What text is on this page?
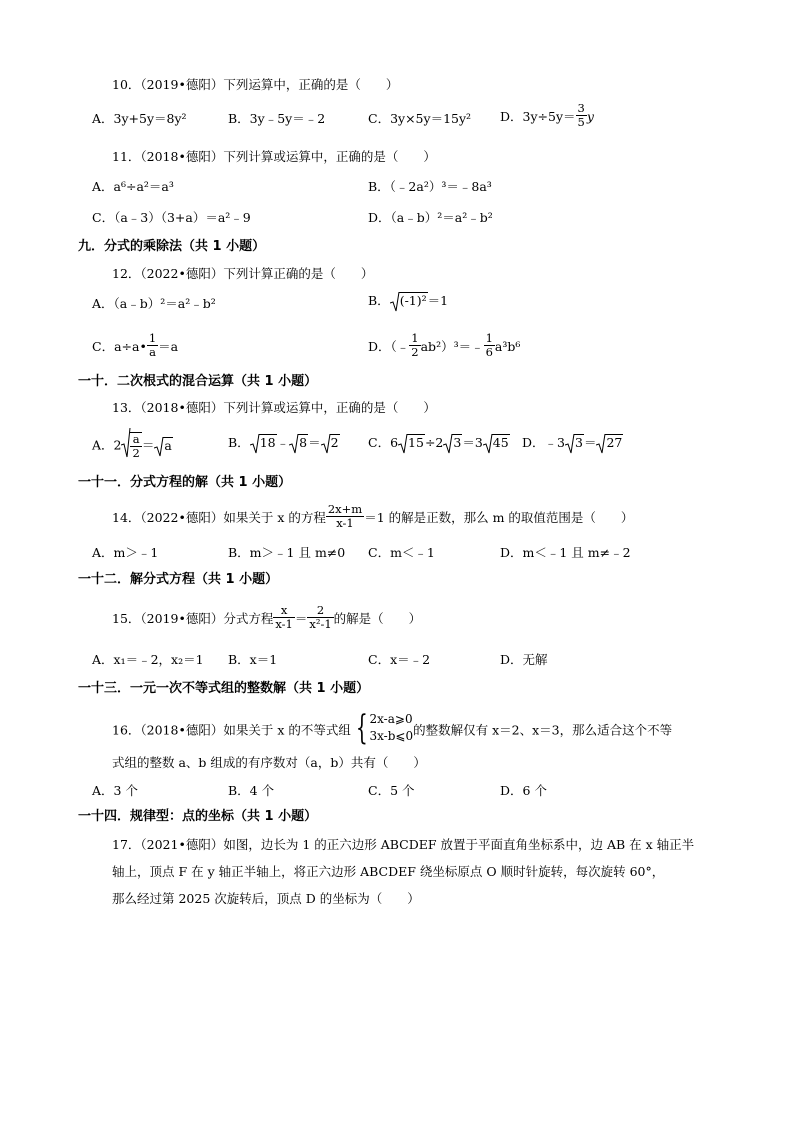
10．（2019•德阳）下列运算中，正确的是（　　）
A．3y+5y＝8y²	B．3y﹣5y＝﹣2	C．3y×5y＝15y² D．$3y\div 5y= \frac{3}{5}$ y
11．（2018•德阳）下列计算或运算中，正确的是（　　）
A．a⁶÷a²＝a³	B．（﹣2a²）³＝﹣8a³
C．（a﹣3）（3+a）＝a²﹣9	D．（a﹣b）²＝a²﹣b²
九．分式的乘除法（共 1 小题）
12．（2022•德阳）下列计算正确的是（　　）
A．（a﹣b）²＝a²﹣b²	B． (-1)²＝1
C．a÷a• $\frac{1}{a} =a$	D．（﹣ $\frac{1}{2}$ ab²）³＝﹣ $\frac{1}{6} a^3b^6$
一十．二次根式的混合运算（共 1 小题）
13．（2018•德阳）下列计算或运算中，正确的是（　　）
A．$2 \frac{a}{2} = a$	B． 18﹣ 8＝ 2 C．6 15÷2 3＝3 45 D．﹣3 3＝ 27
一十一．分式方程的解（共 1 小题）
14．（2022•德阳）如果关于 x 的方程 $\frac{2x+m}{x-1} =1$ 的解是正数，那么 m 的取值范围是（　　）
A．m＞﹣1	B．m＞﹣1 且 m≠0 C．m＜﹣1	D．m＜﹣1 且 m≠﹣2
一十二．解分式方程（共 1 小题）
15．（2019•德阳）分式方程 $\frac{x}{x-1} = \frac{2}{\text{x²-1}}$ 的解是（　　）
A．x₁＝﹣2，x₂＝1 B．x＝1	C．x＝﹣2	D．无解
一十三．一元一次不等式组的整数解（共 1 小题）
16．（2018•德阳）如果关于 x 的不等式组 { 2x-a⩾0
3x-b⩽0 的整数解仅有 x＝2、x＝3，那么适合这个不等
式组的整数 a、b 组成的有序数对（a，b）共有（　　）
A．3 个	B．4 个	C．5 个	D．6 个
一十四．规律型：点的坐标（共 1 小题）
17．（2021•德阳）如图，边长为 1 的正六边形 ABCDEF 放置于平面直角坐标系中，边 AB 在 x 轴正半
轴上，顶点 F 在 y 轴正半轴上，将正六边形 ABCDEF 绕坐标原点 O 顺时针旋转，每次旋转 60°，
那么经过第 2025 次旋转后，顶点 D 的坐标为（　　）
